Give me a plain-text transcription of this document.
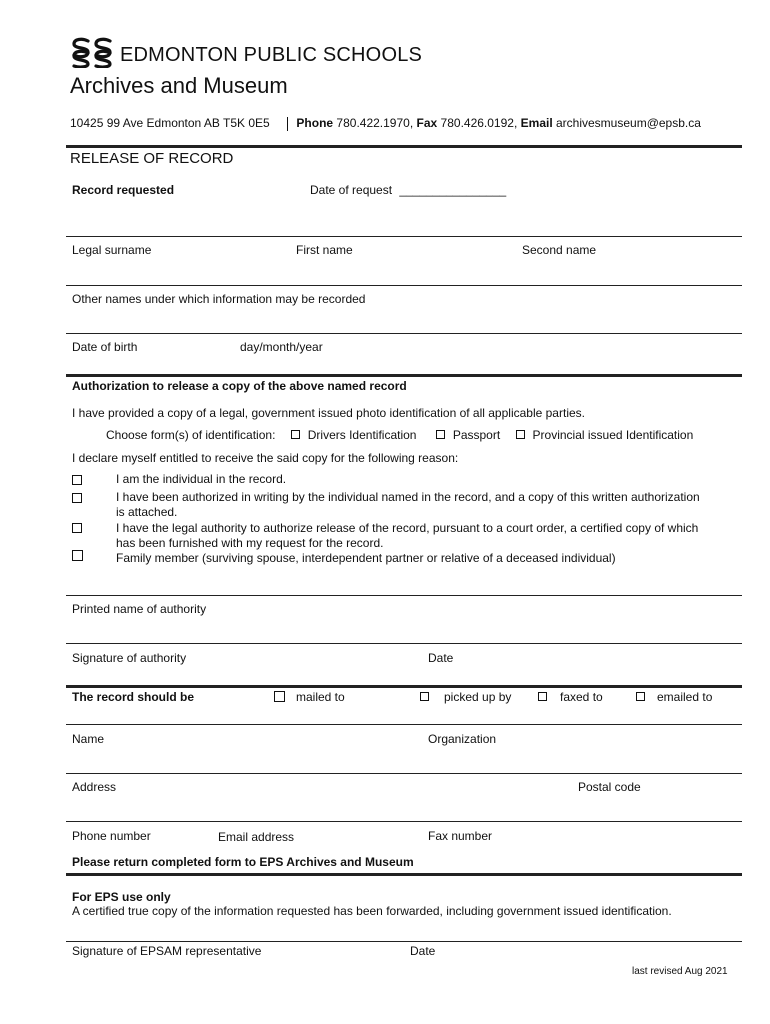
EDMONTON PUBLIC SCHOOLS
Archives and Museum
10425 99 Ave Edmonton AB T5K 0E5 Phone 780.422.1970, Fax 780.426.0192, Email archivesmuseum@epsb.ca
RELEASE OF RECORD
Record requested	Date of request ________________
Legal surname	First name	Second name
Other names under which information may be recorded
Date of birth	day/month/year
Authorization to release a copy of the above named record
I have provided a copy of a legal, government issued photo identification of all applicable parties.
Choose form(s) of identification:	Drivers Identification	Passport	Provincial issued Identification
I declare myself entitled to receive the said copy for the following reason:
I am the individual in the record.
I have been authorized in writing by the individual named in the record, and a copy of this written authorization
is attached.
I have the legal authority to authorize release of the record, pursuant to a court order, a certified copy of which
has been furnished with my request for the record.
Family member (surviving spouse, interdependent partner or relative of a deceased individual)
Printed name of authority
Signature of authority	Date
The record should be	mailed to	picked up by	faxed to	emailed to
Name	Organization
Address	Postal code
Phone number	Email address	Fax number
Please return completed form to EPS Archives and Museum
For EPS use only
A certified true copy of the information requested has been forwarded, including government issued identification.
Signature of EPSAM representative	Date
last revised Aug 2021
